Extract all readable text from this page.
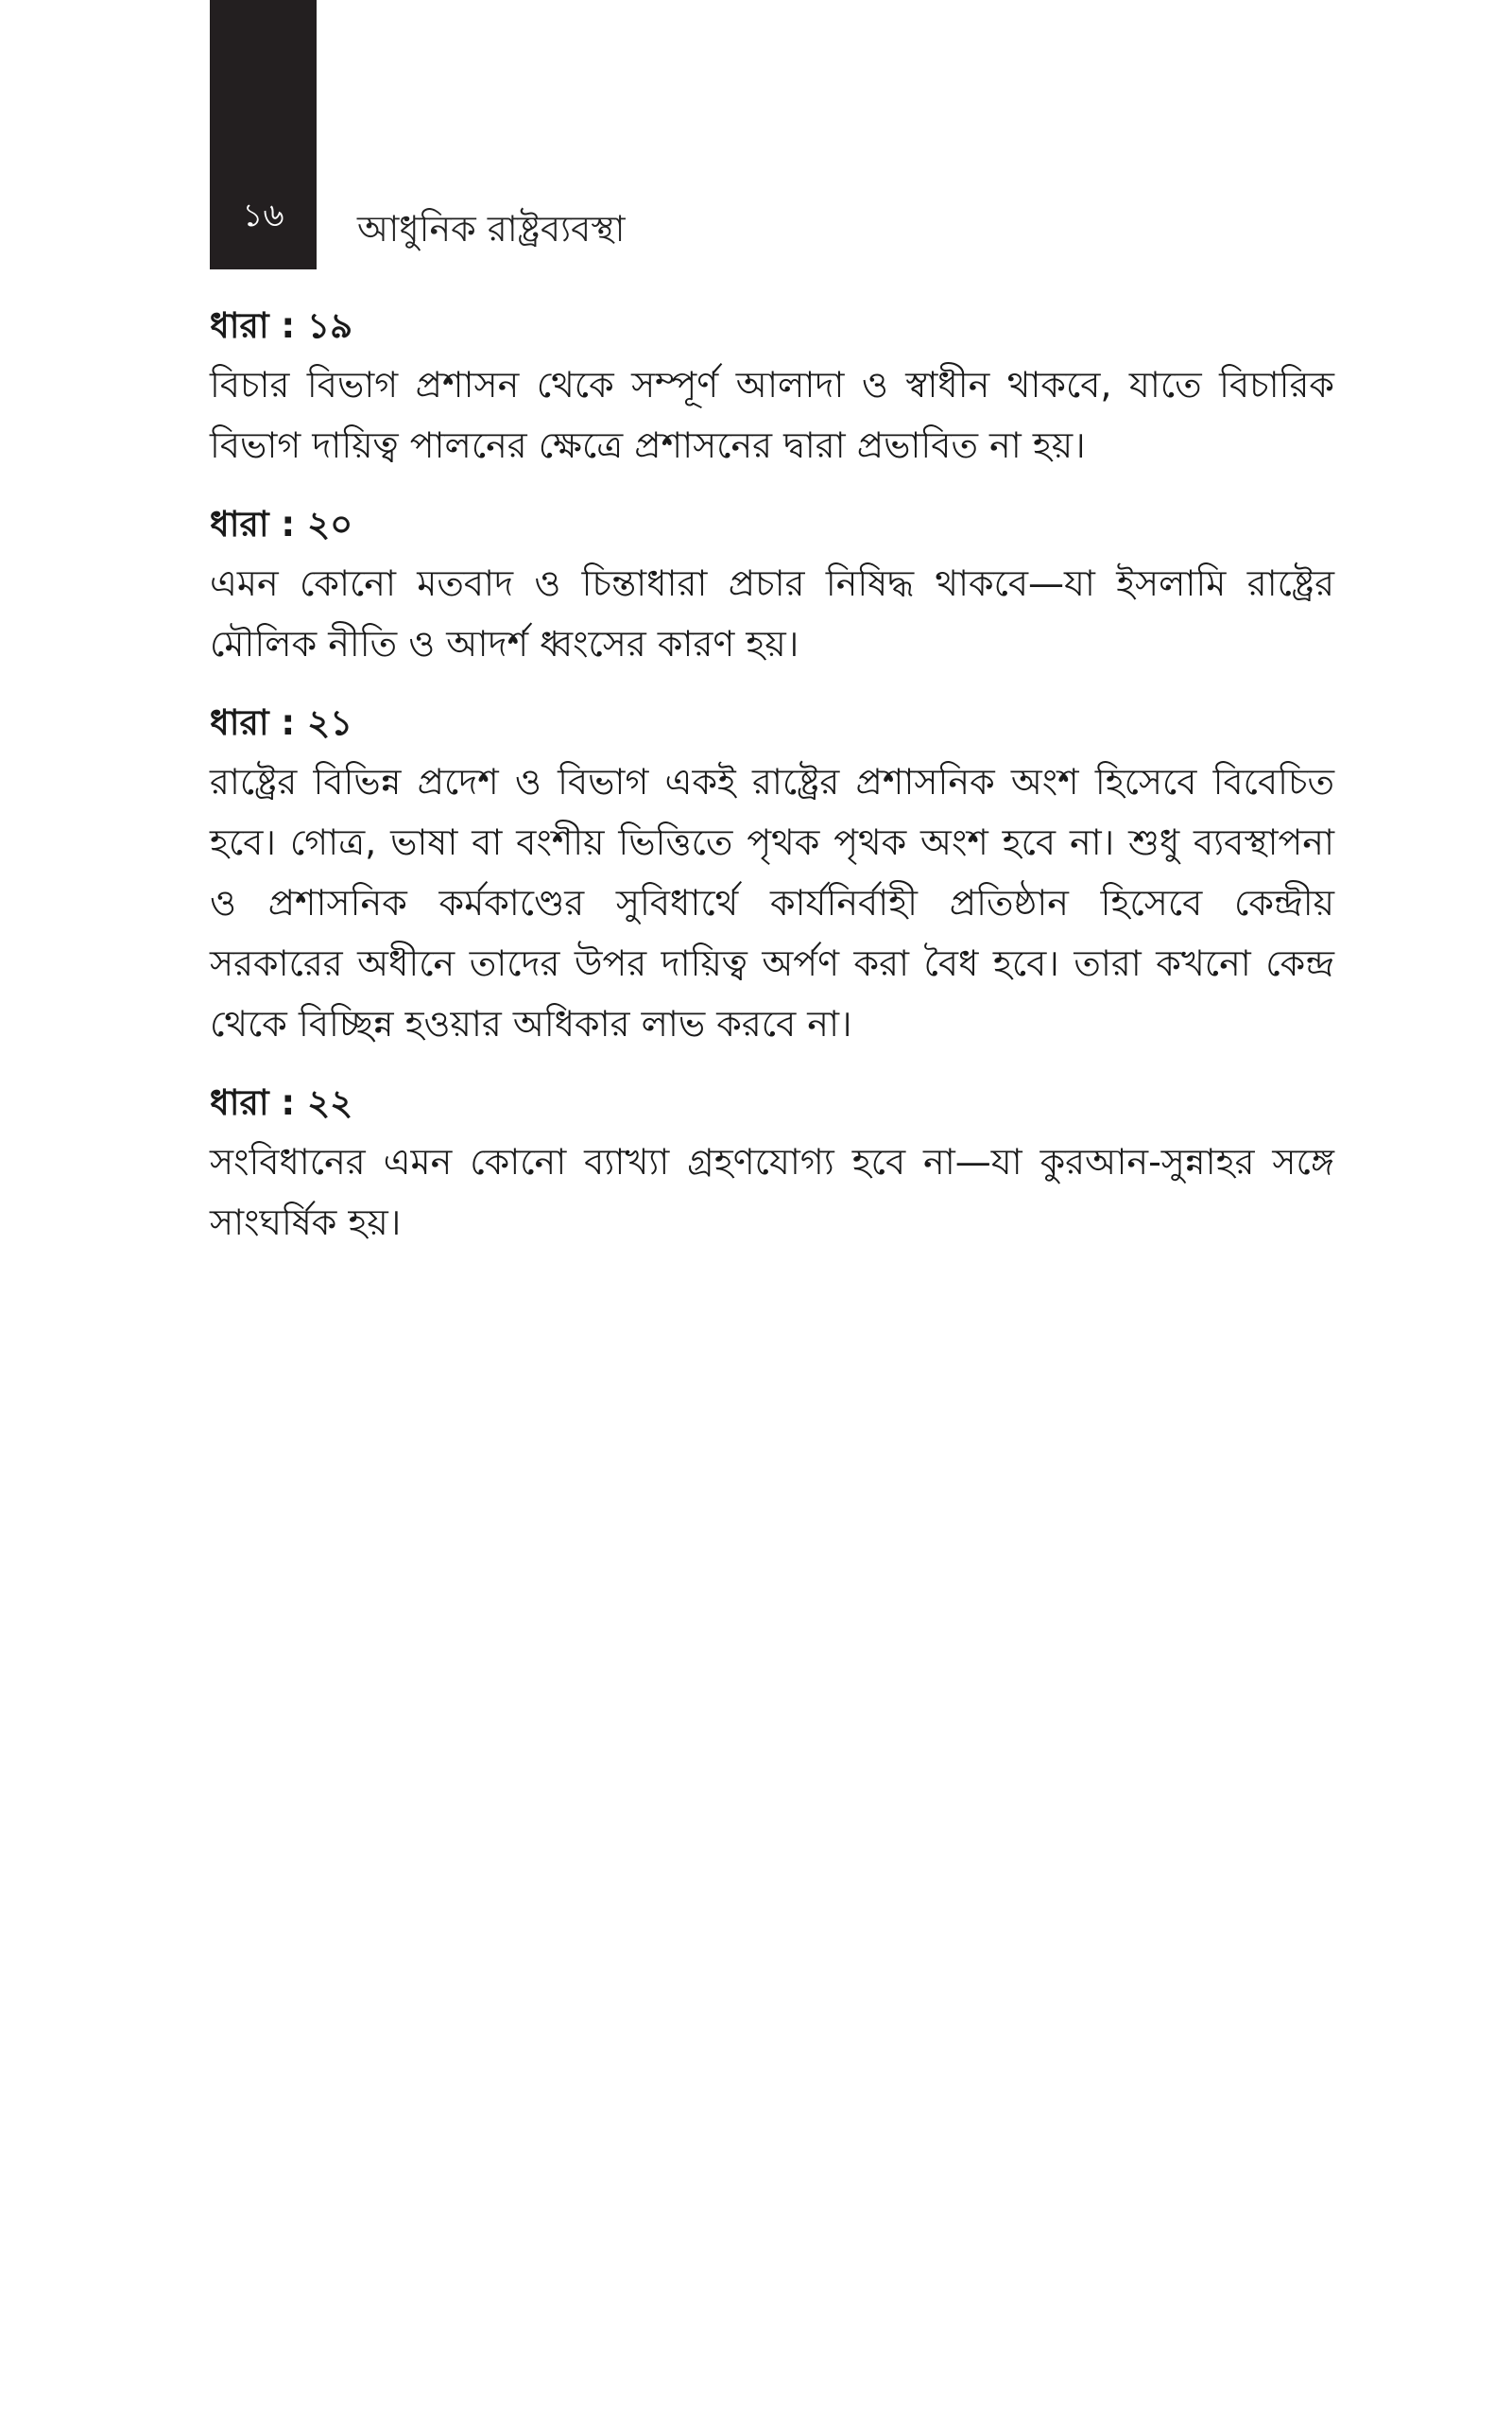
১৬	আধুনিক রাষ্ট্রব্যবস্থা

ধারা : ১৯

বিচার বিভাগ প্রশাসন থেকে সম্পূর্ণ আলাদা ও স্বাধীন থাকবে, যাতে বিচারিক বিভাগ দায়িত্ব পালনের ক্ষেত্রে প্রশাসনের দ্বারা প্রভাবিত না হয়।

ধারা : ২০

এমন কোনো মতবাদ ও চিন্তাধারা প্রচার নিষিদ্ধ থাকবে—যা ইসলামি রাষ্ট্রের মৌলিক নীতি ও আদর্শ ধ্বংসের কারণ হয়।

ধারা : ২১

রাষ্ট্রের বিভিন্ন প্রদেশ ও বিভাগ একই রাষ্ট্রের প্রশাসনিক অংশ হিসেবে বিবেচিত হবে। গোত্র, ভাষা বা বংশীয় ভিত্তিতে পৃথক পৃথক অংশ হবে না। শুধু ব্যবস্থাপনা ও প্রশাসনিক কর্মকাণ্ডের সুবিধার্থে কার্যনির্বাহী প্রতিষ্ঠান হিসেবে কেন্দ্রীয় সরকারের অধীনে তাদের উপর দায়িত্ব অর্পণ করা বৈধ হবে। তারা কখনো কেন্দ্র থেকে বিচ্ছিন্ন হওয়ার অধিকার লাভ করবে না।

ধারা : ২২

সংবিধানের এমন কোনো ব্যাখ্যা গ্রহণযোগ্য হবে না—যা কুরআন-সুন্নাহর সঙ্গে সাংঘর্ষিক হয়।
